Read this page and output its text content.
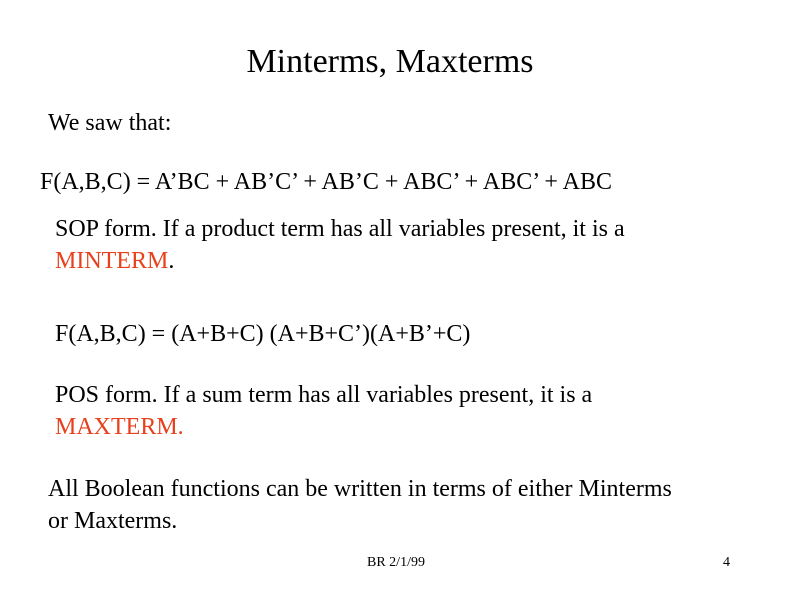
Minterms, Maxterms
We saw that:
F(A,B,C) = A’BC + AB’C’ + AB’C + ABC’ + ABC’ + ABC
SOP form. If a product term has all variables present, it is a
MINTERM.
F(A,B,C) = (A+B+C) (A+B+C’)(A+B’+C)
POS form. If a sum term has all variables present, it is a
MAXTERM.
All Boolean functions can be written in terms of either Minterms
or Maxterms.
BR 2/1/99	4
